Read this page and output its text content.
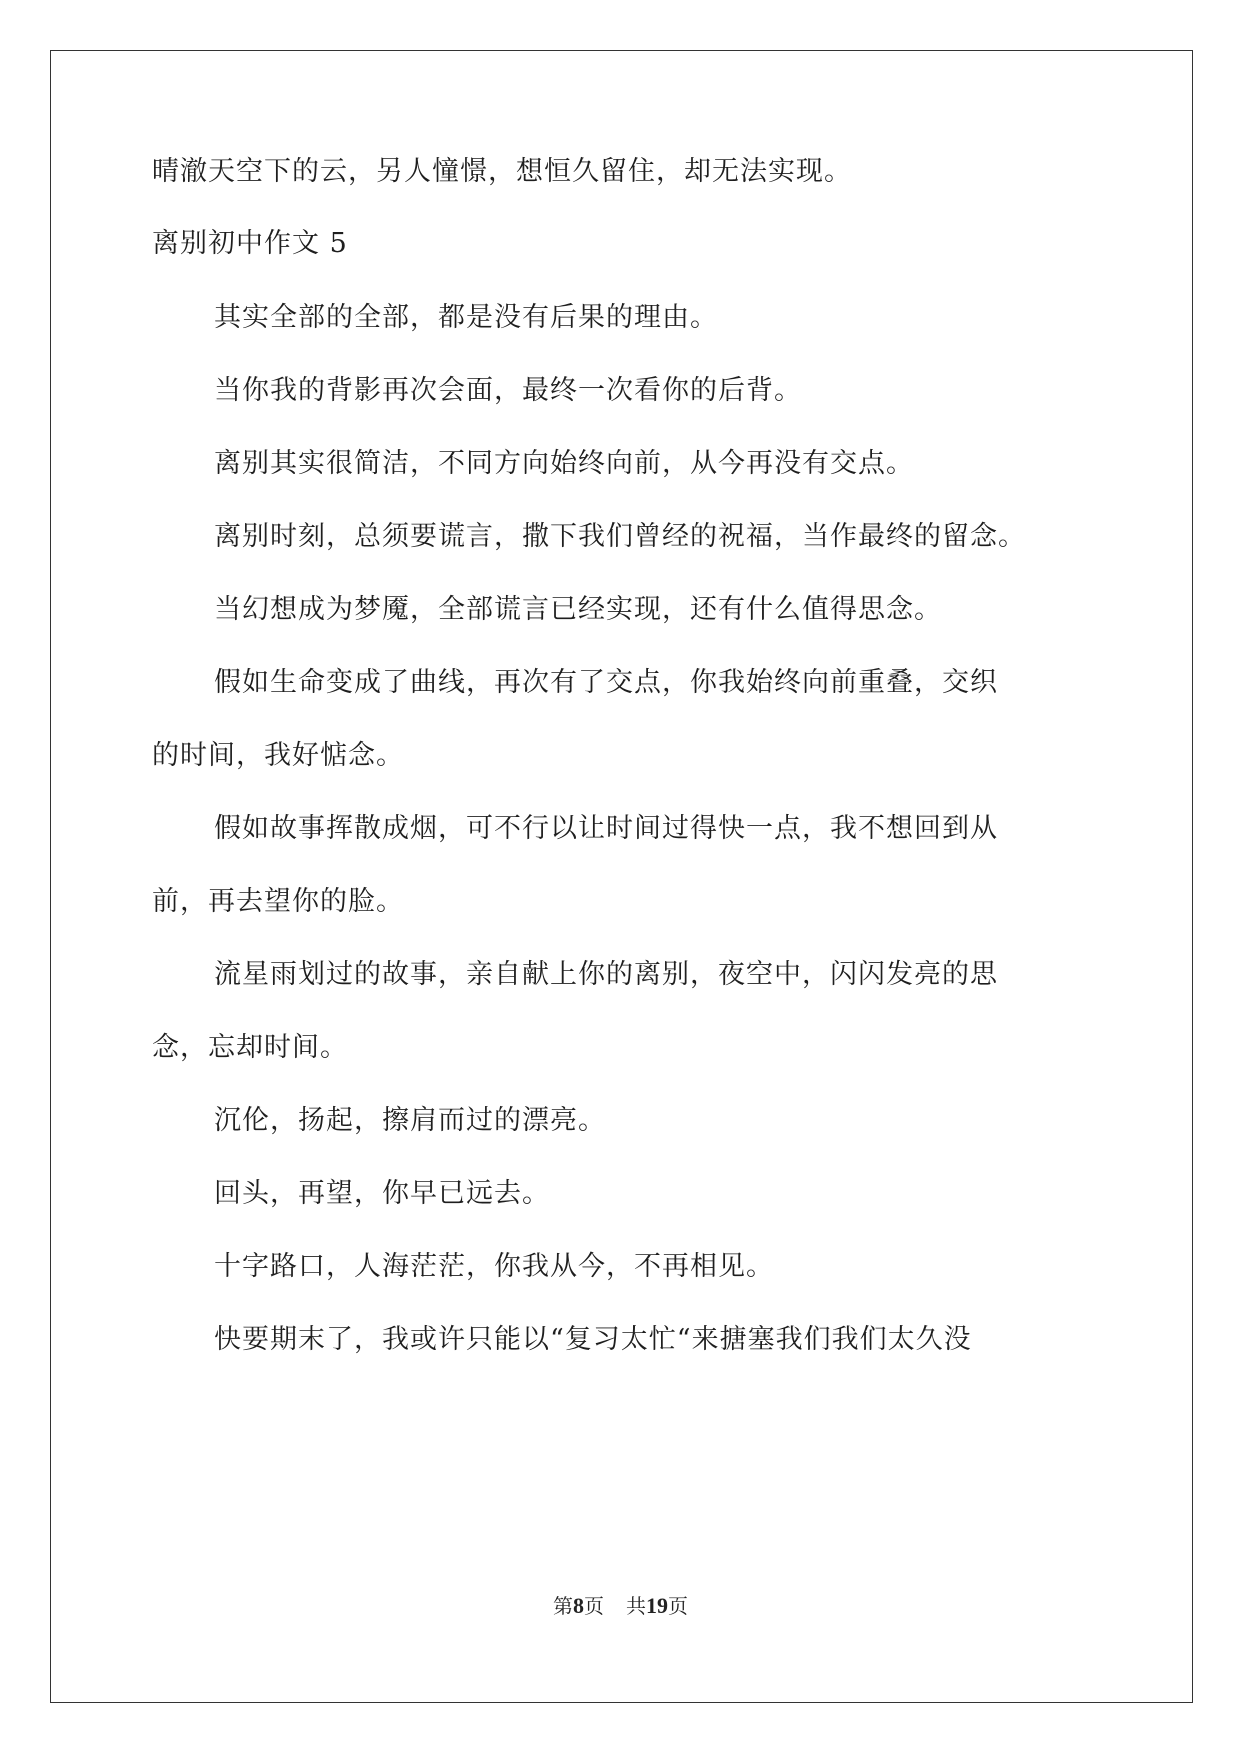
晴澈天空下的云，另人憧憬，想恒久留住，却无法实现。
离别初中作文 5
其实全部的全部，都是没有后果的理由。
当你我的背影再次会面，最终一次看你的后背。
离别其实很简洁，不同方向始终向前，从今再没有交点。
离别时刻，总须要谎言，撒下我们曾经的祝福，当作最终的留念。
当幻想成为梦魇，全部谎言已经实现，还有什么值得思念。
假如生命变成了曲线，再次有了交点，你我始终向前重叠，交织
的时间，我好惦念。
假如故事挥散成烟，可不行以让时间过得快一点，我不想回到从
前，再去望你的脸。
流星雨划过的故事，亲自献上你的离别，夜空中，闪闪发亮的思
念，忘却时间。
沉伦，扬起，擦肩而过的漂亮。
回头，再望，你早已远去。
十字路口，人海茫茫，你我从今，不再相见。
快要期末了，我或许只能以“复习太忙“来搪塞我们我们太久没
第8页 共19页
